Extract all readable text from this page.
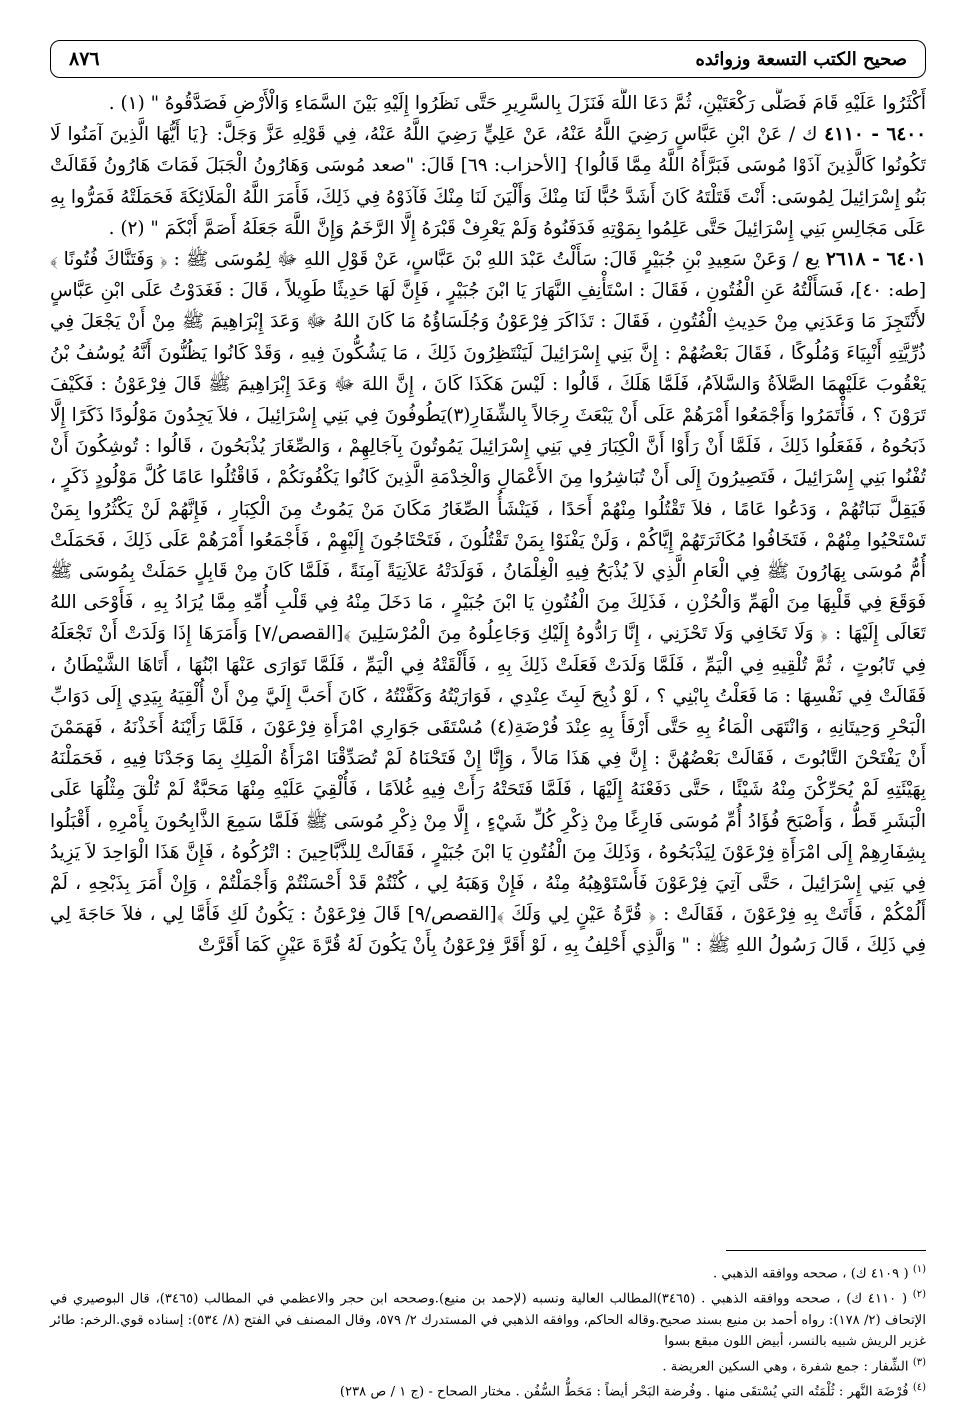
صحيح الكتب التسعة وزوائده
٨٧٦

أَكْثَرُوا عَلَيْهِ قَامَ فَصَلَّى رَكْعَتَيْنِ، ثُمَّ دَعَا اللَّهَ فَنَزَلَ بِالسَّرِيرِ حَتَّى نَظَرُوا إِلَيْهِ بَيْنَ السَّمَاءِ وَالْأَرْضِ فَصَدَّقُوهُ " (١) .

٦٤٠٠ - ٤١١٠ ك / عَنْ ابْنِ عَبَّاسٍ رَضِيَ اللَّهُ عَنْهُ، عَنْ عَلِيٍّ رَضِيَ اللَّهُ عَنْهُ، فِي قَوْلِهِ عَزَّ وَجَلَّ: {يَا أَيُّهَا الَّذِينَ آمَنُوا لَا تَكُونُوا كَالَّذِينَ آذَوْا مُوسَى فَبَرَّأَهُ اللَّهُ مِمَّا قَالُوا} [الأحزاب: ٦٩] قَالَ: "صعد مُوسَى وَهَارُونُ الْجَبَلَ فَمَاتَ هَارُونُ فَقَالَتْ بَنُو إِسْرَائِيلَ لِمُوسَى: أَنْتَ قَتَلْتَهُ كَانَ أَشَدَّ حُبًّا لَنَا مِنْكَ وَأَلْيَنَ لَنَا مِنْكَ فَآذَوْهُ فِي ذَلِكَ، فَأَمَرَ اللَّهُ الْمَلَائِكَةَ فَحَمَلَتْهُ فَمَرُّوا بِهِ عَلَى مَجَالِسِ بَنِي إِسْرَائِيلَ حَتَّى عَلِمُوا بِمَوْتِهِ فَدَفَنُوهُ وَلَمْ يَعْرِفْ قَبْرَهُ إِلَّا الرَّخَمُ وَإِنَّ اللَّهَ جَعَلَهُ أَصَمَّ أَبْكَمَ " (٢) .

٦٤٠١ - ٢٦١٨ يع / وَعَنْ سَعِيدِ بْنِ جُبَيْرٍ قَالَ: سَأَلْتُ عَبْدَ اللهِ بْنَ عَبَّاسٍ، عَنْ قَوْلِ اللهِ ﷻ لِمُوسَى ﷺ : ﴿ وَفَتَنَّاكَ فُتُونًا ﴾[طه: ٤٠]، فَسَأَلْتُهُ عَنِ الْفُتُونِ ، فَقَالَ : اسْتَأْنِفِ النَّهَارَ يَا ابْنَ جُبَيْرٍ ، فَإِنَّ لَهَا حَدِيثًا طَوِيلاً ، قَالَ : فَغَدَوْتُ عَلَى ابْنِ عَبَّاسٍ لأَنْتَجِزَ مَا وَعَدَنِي مِنْ حَدِيثِ الْفُتُونِ ، فَقَالَ : تَذَاكَرَ فِرْعَوْنُ وَجُلَسَاؤُهُ مَا كَانَ اللهُ ﷻ وَعَدَ إِبْرَاهِيمَ ﷺ مِنْ أَنْ يَجْعَلَ فِي ذُرِّيَّتِهِ أَنْبِيَاءَ وَمُلُوكًا ، فَقَالَ بَعْضُهُمْ : إِنَّ بَنِي إِسْرَائِيلَ لَيَنْتَظِرُونَ ذَلِكَ ، مَا يَشُكُّونَ فِيهِ ، وَقَدْ كَانُوا يَظُنُّونَ أَنَّهُ يُوسُفُ بْنُ يَعْقُوبَ عَلَيْهِمَا الصَّلاَةُ وَالسَّلاَمُ، فَلَمَّا هَلَكَ ، قَالُوا : لَيْسَ هَكَذَا كَانَ ، إِنَّ اللهَ ﷻ وَعَدَ إِبْرَاهِيمَ ﷺ قَالَ فِرْعَوْنُ : فَكَيْفَ تَرَوْنَ ؟ ، فَأْتَمَرُوا وَأَجْمَعُوا أَمْرَهُمْ عَلَى أَنْ يَبْعَثَ رِجَالاً بِالشِّفَارِ(٣)يَطُوفُونَ فِي بَنِي إِسْرَائِيلَ ، فلاَ يَجِدُونَ مَوْلُودًا ذَكَرًا إِلَّا ذَبَحُوهُ ، فَفَعَلُوا ذَلِكَ ، فَلَمَّا أَنْ رَأَوْا أَنَّ الْكِبَارَ فِي بَنِي إِسْرَائِيلَ يَمُوتُونَ بِآجَالِهِمْ ، وَالصِّغَارَ يُذْبَحُونَ ، قَالُوا : تُوشِكُونَ أَنْ تُفْنُوا بَنِي إِسْرَائِيلَ ، فَتَصِيرُونَ إِلَى أَنْ تُبَاشِرُوا مِنَ الأَعْمَالِ وَالْخِدْمَةِ الَّذِينَ كَانُوا يَكْفُونَكُمْ ، فَاقْتُلُوا عَامًا كُلَّ مَوْلُودٍ ذَكَرٍ ، فَيَقِلَّ نَبَاتُهُمْ ، وَدَعُوا عَامًا ، فلاَ تَقْتُلُوا مِنْهُمْ أَحَدًا ، فَيَنْشَأُ الصِّغَارُ مَكَانَ مَنْ يَمُوتُ مِنَ الْكِبَارِ ، فَإِنَّهُمْ لَنْ يَكْثُرُوا بِمَنْ تَسْتَحْيُوا مِنْهُمْ ، فَتَخَافُوا مُكَاثَرَتَهُمْ إِيَّاكُمْ ، وَلَنْ يَفْنَوْا بِمَنْ تَقْتُلُونَ ، فَتَحْتَاجُونَ إِلَيْهِمْ ، فَأَجْمَعُوا أَمْرَهُمْ عَلَى ذَلِكَ ، فَحَمَلَتْ أُمُّ مُوسَى بِهَارُونَ ﷺ فِي الْعَامِ الَّذِي لاَ يُذْبَحُ فِيهِ الْغِلْمَانُ ، فَوَلَدَتْهُ عَلاَنِيَةً آمِنَةً ، فَلَمَّا كَانَ مِنْ قَابِلٍ حَمَلَتْ بِمُوسَى ﷺ فَوَقَعَ فِي قَلْبِهَا مِنَ الْهَمِّ وَالْحُزْنِ ، فَذَلِكَ مِنَ الْفُتُونِ يَا ابْنَ جُبَيْرٍ ، مَا دَخَلَ مِنْهُ فِي قَلْبِ أُمِّهِ مِمَّا يُرَادُ بِهِ ، فَأَوْحَى اللهُ تَعَالَى إِلَيْهَا : ﴿ وَلَا تَخَافِي وَلَا تَحْزَنِي ، إِنَّا رَادُّوهُ إِلَيْكِ وَجَاعِلُوهُ مِنَ الْمُرْسَلِينَ ﴾[القصص/٧] وَأَمَرَهَا إِذَا وَلَدَتْ أَنْ تَجْعَلَهُ فِي تَابُوتٍ ، ثُمَّ تُلْقِيهِ فِي الْيَمِّ ، فَلَمَّا وَلَدَتْ فَعَلَتْ ذَلِكَ بِهِ ، فَأَلْقَتْهُ فِي الْيَمِّ ، فَلَمَّا تَوَارَى عَنْهَا ابْنُهَا ، أَتَاهَا الشَّيْطَانُ ، فَقَالَتْ فِي نَفْسِهَا : مَا فَعَلْتُ بِابْنِي ؟ ، لَوْ ذُبِحَ لَبِثَ عِنْدِي ، فَوَارَيْتُهُ وَكَفَّنْتُهُ ، كَانَ أَحَبَّ إِلَيَّ مِنْ أَنْ أُلْقِيَهُ بِيَدِي إِلَى دَوَابِّ الْبَحْرِ وَحِيتَانِهِ ، وَانْتَهَى الْمَاءُ بِهِ حَتَّى أَرْفَأَ بِهِ عِنْدَ فُرْضَةِ(٤) مُسْتَقَى جَوَارِي امْرَأَةِ فِرْعَوْنَ ، فَلَمَّا رَأَيْنَهُ أَخَذْنَهُ ، فَهَمَمْنَ أَنْ يَفْتَحْنَ التَّابُوتَ ، فَقَالَتْ بَعْضُهُنَّ : إِنَّ فِي هَذَا مَالاً ، وَإِنَّا إِنْ فَتَحْنَاهُ لَمْ تُصَدِّقْنَا امْرَأَةُ الْمَلِكِ بِمَا وَجَدْنَا فِيهِ ، فَحَمَلْنَهُ بِهَيْئَتِهِ لَمْ يُحَرِّكْنَ مِنْهُ شَيْئًا ، حَتَّى دَفَعْنَهُ إِلَيْهَا ، فَلَمَّا فَتَحَتْهُ رَأَتْ فِيهِ غُلاَمًا ، فَأُلْقِيَ عَلَيْهِ مِنْهَا مَحَبَّةٌ لَمْ تُلْقَ مِثْلُهَا عَلَى الْبَشَرِ قَطُّ ، وَأَصْبَحَ فُؤَادُ أُمِّ مُوسَى فَارِغًا مِنْ ذِكْرِ كُلِّ شَيْءٍ ، إِلَّا مِنْ ذِكْرِ مُوسَى ﷺ فَلَمَّا سَمِعَ الذَّابِحُونَ بِأَمْرِهِ ، أَقْبَلُوا بِشِفَارِهِمْ إِلَى امْرَأَةِ فِرْعَوْنَ لِيَذْبَحُوهُ ، وَذَلِكَ مِنَ الْفُتُونِ يَا ابْنَ جُبَيْرٍ ، فَقَالَتْ لِلذَّبَّاحِينَ : اتْرُكُوهُ ، فَإِنَّ هَذَا الْوَاحِدَ لاَ يَزِيدُ فِي بَنِي إِسْرَائِيلَ ، حَتَّى آتِيَ فِرْعَوْنَ فَأَسْتَوْهِبُهُ مِنْهُ ، فَإِنْ وَهَبَهُ لِي ، كُنْتُمْ قَدْ أَحْسَنْتُمْ وَأَجْمَلْتُمْ ، وَإِنْ أَمَرَ بِذَبْحِهِ ، لَمْ أَلُمْكُمْ ، فَأَتَتْ بِهِ فِرْعَوْنَ ، فَقَالَتْ : ﴿ قُرَّةُ عَيْنٍ لِي وَلَكَ ﴾[القصص/٩] قَالَ فِرْعَوْنُ : يَكُونُ لَكِ فَأَمَّا لِي ، فلاَ حَاجَةَ لِي فِي ذَلِكَ ، قَالَ رَسُولُ اللهِ ﷺ : " وَالَّذِي أَحْلِفُ بِهِ ، لَوْ أَقَرَّ فِرْعَوْنُ بِأَنْ يَكُونَ لَهُ قُرَّةَ عَيْنٍ كَمَا أَقَرَّتْ

$^{(١)}$ ( ٤١٠٩ ك) ، صححه ووافقه الذهبي .

$^{(٢)}$ ( ٤١١٠ ك) ، صححه ووافقه الذهبي . (٣٤٦٥)المطالب العالية ونسبه (لإحمد بن منيع).وصححه ابن حجر والاعظمي في المطالب (٣٤٦٥)، قال البوصيري في الإتحاف (٢/ ١٧٨): رواه أحمد بن منيع بسند صحيح.وقاله الحاكم، ووافقه الذهبي في المستدرك ٢/ ٥٧٩، وقال المصنف في الفتح (٨/ ٥٣٤): إسناده قوي.الرخم: طائر غزير الريش شبيه بالنسر، أبيض اللون مبقع بسوا

$^{(٣)}$ الشِّفار : جمع شفرة ، وهي السكين العريضة .

$^{(٤)}$ فُرْضَة النَّهر : ثُلْمَتُه التي يُسْتقَى منها . وفُرضة البَحْر أيضاً : مَحَطُّ السُّفُن . مختار الصحاح - (ج ١ / ص ٢٣٨)
